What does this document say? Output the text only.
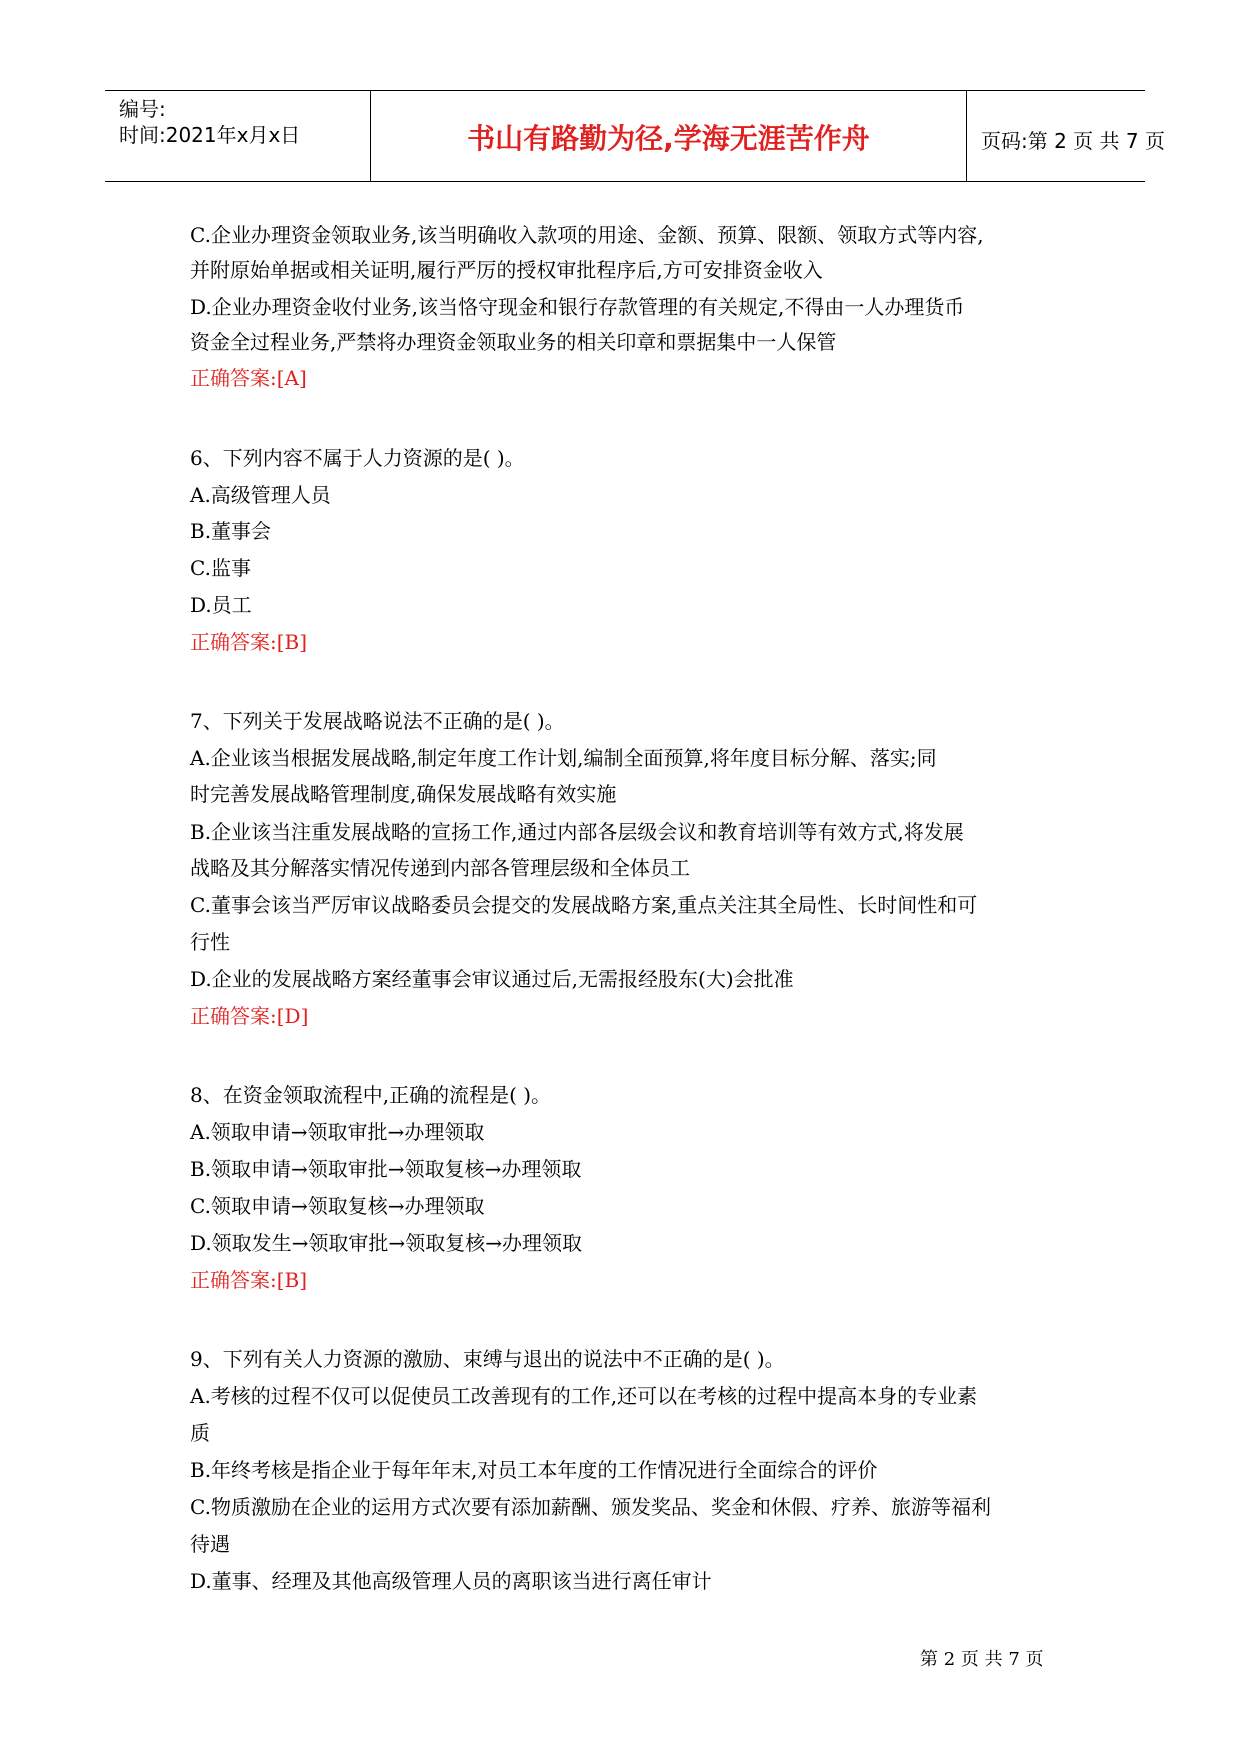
编号:
时间:2021年x月x日	书山有路勤为径,学海无涯苦作舟	页码:第 2 页 共 7 页
C.企业办理资金领取业务,该当明确收入款项的用途、金额、预算、限额、领取方式等内容,
并附原始单据或相关证明,履行严厉的授权审批程序后,方可安排资金收入
D.企业办理资金收付业务,该当恪守现金和银行存款管理的有关规定,不得由一人办理货币
资金全过程业务,严禁将办理资金领取业务的相关印章和票据集中一人保管
正确答案:[A]
6、下列内容不属于人力资源的是( )。
A.高级管理人员
B.董事会
C.监事
D.员工
正确答案:[B]
7、下列关于发展战略说法不正确的是( )。
A.企业该当根据发展战略,制定年度工作计划,编制全面预算,将年度目标分解、落实;同
时完善发展战略管理制度,确保发展战略有效实施
B.企业该当注重发展战略的宣扬工作,通过内部各层级会议和教育培训等有效方式,将发展
战略及其分解落实情况传递到内部各管理层级和全体员工
C.董事会该当严厉审议战略委员会提交的发展战略方案,重点关注其全局性、长时间性和可
行性
D.企业的发展战略方案经董事会审议通过后,无需报经股东(大)会批准
正确答案:[D]
8、在资金领取流程中,正确的流程是( )。
A.领取申请→领取审批→办理领取
B.领取申请→领取审批→领取复核→办理领取
C.领取申请→领取复核→办理领取
D.领取发生→领取审批→领取复核→办理领取
正确答案:[B]
9、下列有关人力资源的激励、束缚与退出的说法中不正确的是( )。
A.考核的过程不仅可以促使员工改善现有的工作,还可以在考核的过程中提高本身的专业素
质
B.年终考核是指企业于每年年末,对员工本年度的工作情况进行全面综合的评价
C.物质激励在企业的运用方式次要有添加薪酬、颁发奖品、奖金和休假、疗养、旅游等福利
待遇
D.董事、经理及其他高级管理人员的离职该当进行离任审计
第 2 页 共 7 页
